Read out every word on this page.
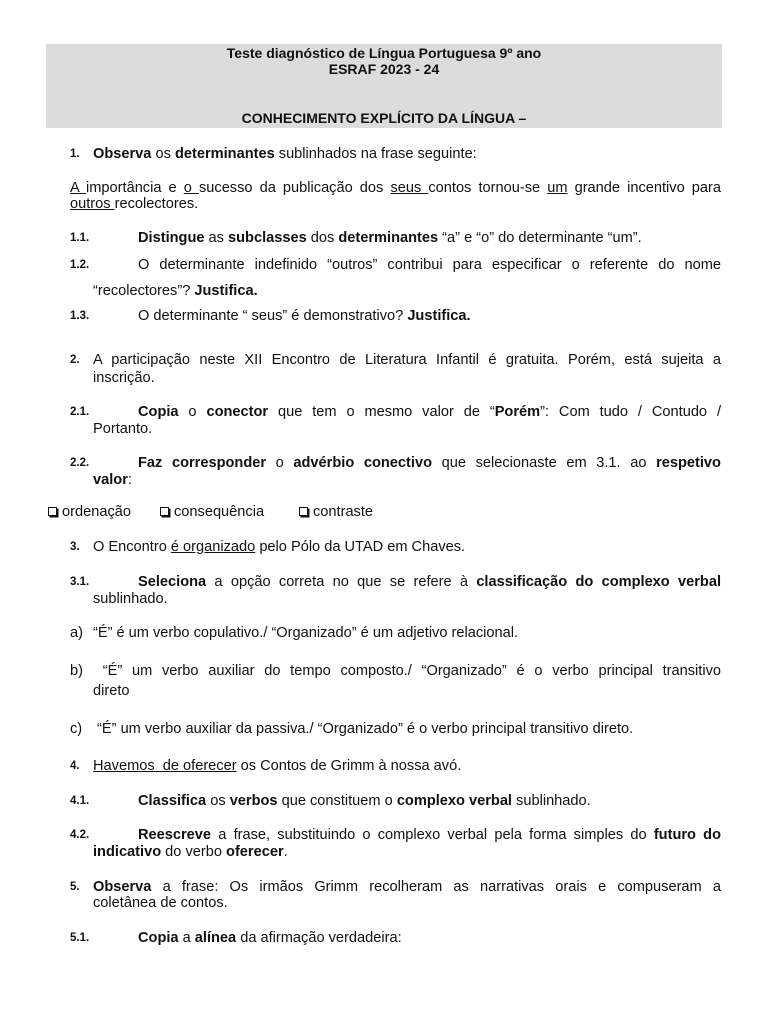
Teste diagnóstico de Língua Portuguesa 9º ano
ESRAF 2023 - 24
CONHECIMENTO EXPLÍCITO DA LÍNGUA –
1. Observa os determinantes sublinhados na frase seguinte:
A importância e o sucesso da publicação dos seus contos tornou-se um grande incentivo para
outros recolectores.
1.1.	Distingue as subclasses dos determinantes “a” e “o” do determinante “um”.
1.2.	O determinante indefinido “outros” contribui para especificar o referente do nome
“recolectores”? Justifica.
1.3.	O determinante “ seus” é demonstrativo? Justifica.
2. A participação neste XII Encontro de Literatura Infantil é gratuita. Porém, está sujeita a
inscrição.
2.1.	Copia o conector que tem o mesmo valor de “Porém”: Com tudo / Contudo /
Portanto.
2.2.	Faz corresponder o advérbio conectivo que selecionaste em 3.1. ao respetivo
valor:
ordenação	consequência	contraste
3. O Encontro é organizado pelo Pólo da UTAD em Chaves.
3.1.	Seleciona a opção correta no que se refere à classificação do complexo verbal
sublinhado.
a) “É” é um verbo copulativo./ “Organizado” é um adjetivo relacional.
b) “É” um verbo auxiliar do tempo composto./ “Organizado” é o verbo principal transitivo
direto
c) “É” um verbo auxiliar da passiva./ “Organizado” é o verbo principal transitivo direto.
4. Havemos  de oferecer os Contos de Grimm à nossa avó.
4.1.	Classifica os verbos que constituem o complexo verbal sublinhado.
4.2.	Reescreve a frase, substituindo o complexo verbal pela forma simples do futuro do
indicativo do verbo oferecer.
5. Observa a frase: Os irmãos Grimm recolheram as narrativas orais e compuseram a
coletânea de contos.
5.1.	Copia a alínea da afirmação verdadeira:
